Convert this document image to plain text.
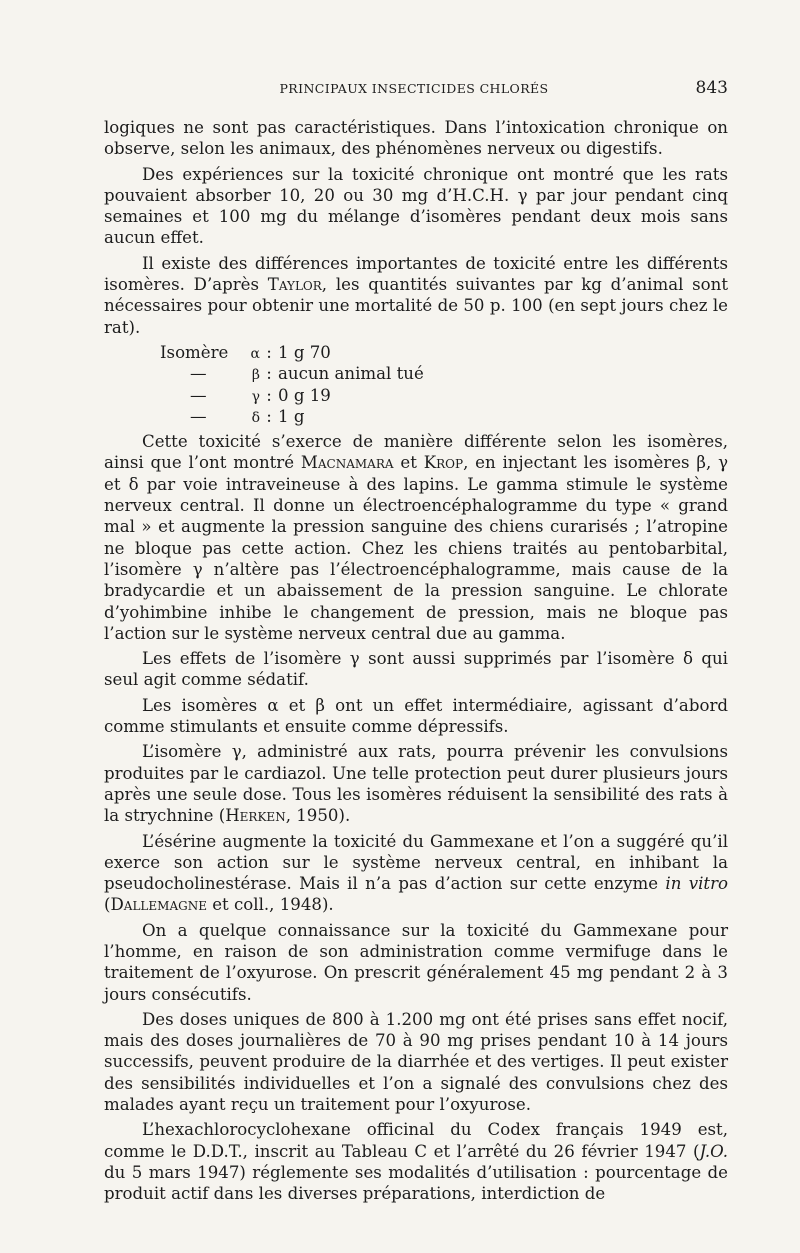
PRINCIPAUX INSECTICIDES CHLORÉS	843

logiques ne sont pas caractéristiques. Dans l’intoxication chronique on observe, selon les animaux, des phénomènes nerveux ou digestifs.

Des expériences sur la toxicité chronique ont montré que les rats pouvaient absorber 10, 20 ou 30 mg d’H.C.H. γ par jour pendant cinq semaines et 100 mg du mélange d’isomères pendant deux mois sans aucun effet.

Il existe des différences importantes de toxicité entre les différents isomères. D’après Taylor, les quantités suivantes par kg d’animal sont nécessaires pour obtenir une mortalité de 50 p. 100 (en sept jours chez le rat).

Isomère α : 1 g 70
—	β : aucun animal tué
—	γ : 0 g 19
—	δ : 1 g

Cette toxicité s’exerce de manière différente selon les isomères, ainsi que l’ont montré Macnamara et Krop, en injectant les isomères β, γ et δ par voie intraveineuse à des lapins. Le gamma stimule le système nerveux central. Il donne un électroencéphalogramme du type « grand mal » et augmente la pression sanguine des chiens curarisés ; l’atropine ne bloque pas cette action. Chez les chiens traités au pentobarbital, l’isomère γ n’altère pas l’électroencéphalogramme, mais cause de la bradycardie et un abaissement de la pression sanguine. Le chlorate d’yohimbine inhibe le changement de pression, mais ne bloque pas l’action sur le système nerveux central due au gamma.

Les effets de l’isomère γ sont aussi supprimés par l’isomère δ qui seul agit comme sédatif.

Les isomères α et β ont un effet intermédiaire, agissant d’abord comme stimulants et ensuite comme dépressifs.

L’isomère γ, administré aux rats, pourra prévenir les convulsions produites par le cardiazol. Une telle protection peut durer plusieurs jours après une seule dose. Tous les isomères réduisent la sensibilité des rats à la strychnine (Herken, 1950).

L’ésérine augmente la toxicité du Gammexane et l’on a suggéré qu’il exerce son action sur le système nerveux central, en inhibant la pseudocholinestérase. Mais il n’a pas d’action sur cette enzyme in vitro (Dallemagne et coll., 1948).

On a quelque connaissance sur la toxicité du Gammexane pour l’homme, en raison de son administration comme vermifuge dans le traitement de l’oxyurose. On prescrit généralement 45 mg pendant 2 à 3 jours consécutifs.

Des doses uniques de 800 à 1.200 mg ont été prises sans effet nocif, mais des doses journalières de 70 à 90 mg prises pendant 10 à 14 jours successifs, peuvent produire de la diarrhée et des vertiges. Il peut exister des sensibilités individuelles et l’on a signalé des convulsions chez des malades ayant reçu un traitement pour l’oxyurose.

L’hexachlorocyclohexane officinal du Codex français 1949 est, comme le D.D.T., inscrit au Tableau C et l’arrêté du 26 février 1947 (J.O. du 5 mars 1947) réglemente ses modalités d’utilisation : pourcentage de produit actif dans les diverses préparations, interdiction de
